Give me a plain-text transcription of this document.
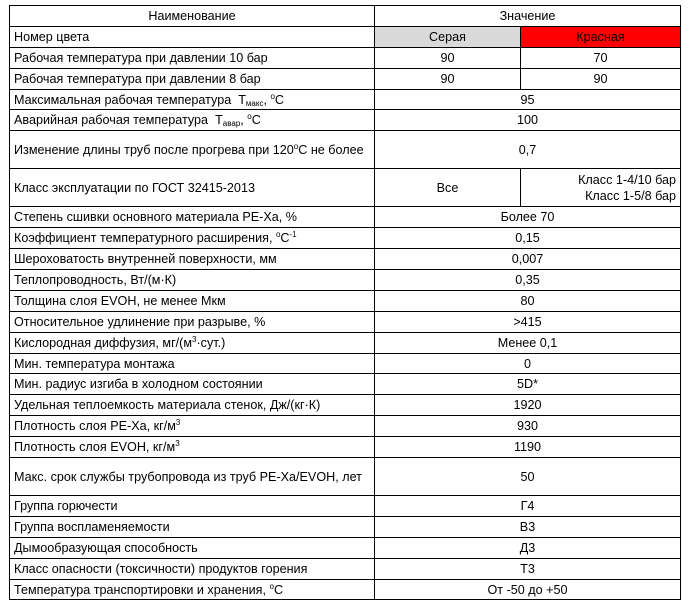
Наименование	Значение	
Номер цвета	Серая	Красная
Рабочая температура при давлении 10 бар	90	70
Рабочая температура при давлении 8 бар	90	90
Максимальная рабочая температура $Т_{макс}$, $^о$С	95	
Аварийная рабочая температура $Т_{авар}$, $^о$С	100	
Изменение длины труб после прогрева при $120^оС$ не более	0,7	
Класс эксплуатации по ГОСТ 32415-2013	Все	Класс 1-4/10 бар
Класс 1-5/8 бар

Степень сшивки основного материала PE-Xa, %	Более 70	
Коэффициент температурного расширения, $^оС^{-1}$	0,15	
Шероховатость внутренней поверхности, мм	0,007	
Теплопроводность, Вт/(м·К)	0,35	
Толщина слоя EVOH, не менее Мкм	80	
Относительное удлинение при разрыве, %	>415	
Кислородная диффузия, $мг/(м^3\cdot сут.)$	Менее 0,1	
Мин. температура монтажа	0	
Мин. радиус изгиба в холодном состоянии	5D*	
Удельная теплоемкость материала стенок, Дж/(кг·К)	1920	
Плотность слоя PE-Xa, $кг/м^3$	930	
Плотность слоя EVOH, $кг/м^3$	1190	
Макс. срок службы трубопровода из труб PE-Xa/EVOH, лет	50	
Группа горючести	Г4	
Группа воспламеняемости	В3	
Дымообразующая способность	Д3	
Класс опасности (токсичности) продуктов горения	Т3	
Температура транспортировки и хранения, $^о$С	От -50 до +50	
